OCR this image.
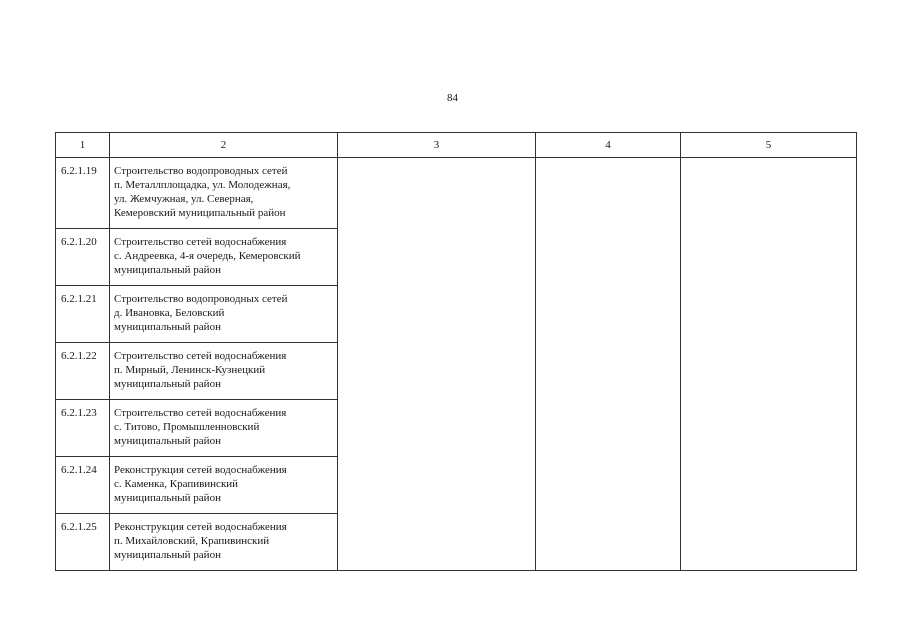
84
1	2	3	4	5
6.2.1.19	Строительство водопроводных сетей
п. Металлплощадка, ул. Молодежная,
ул. Жемчужная, ул. Северная,
Кемеровский муниципальный район			

6.2.1.20	Строительство сетей водоснабжения
с. Андреевка, 4-я очередь, Кемеровский
муниципальный район			

6.2.1.21	Строительство водопроводных сетей
д. Ивановка, Беловский
муниципальный район			

6.2.1.22	Строительство сетей водоснабжения
п. Мирный, Ленинск-Кузнецкий
муниципальный район			

6.2.1.23	Строительство сетей водоснабжения
с. Титово, Промышленновский
муниципальный район			

6.2.1.24	Реконструкция сетей водоснабжения
с. Каменка, Крапивинский
муниципальный район			

6.2.1.25	Реконструкция сетей водоснабжения
п. Михайловский, Крапивинский
муниципальный район			
